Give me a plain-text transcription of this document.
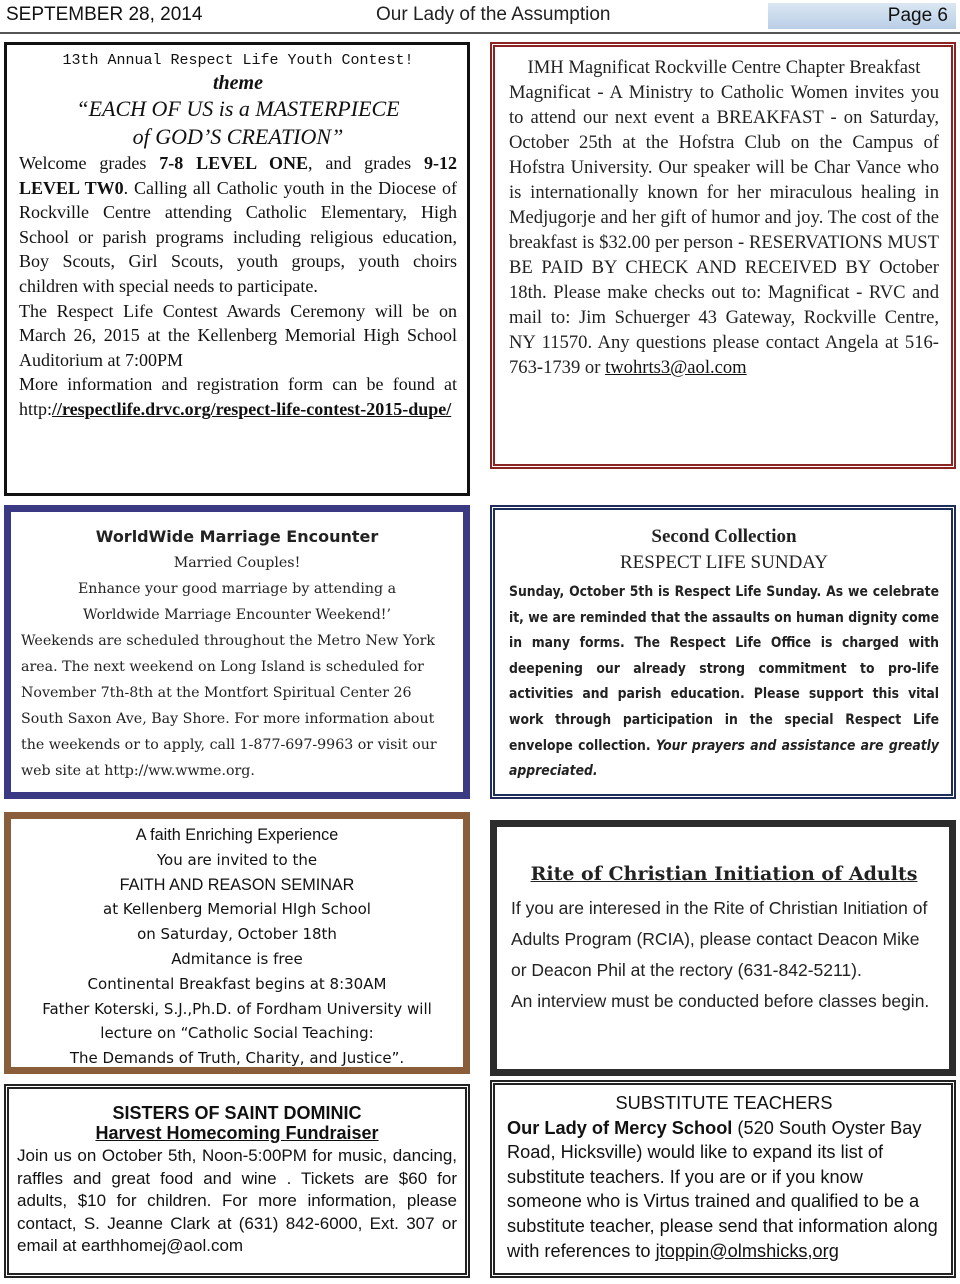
SEPTEMBER 28, 2014	Our Lady of the Assumption	Page 6

13th Annual Respect Life Youth Contest!

theme

“EACH OF US is a MASTERPIECE

of GOD’S CREATION”

Welcome grades 7-8 LEVEL ONE, and grades 9-12 LEVEL TW0. Calling all Catholic youth in the Diocese of Rockville Centre attending Catholic Elementary, High School or parish programs including religious education, Boy Scouts, Girl Scouts, youth groups, youth choirs children with special needs to participate.

The Respect Life Contest Awards Ceremony will be on March 26, 2015 at the Kellenberg Memorial High School Auditorium at 7:00PM

More information and registration form can be found at http://respectlife.drvc.org/respect-life-contest-2015-dupe/

IMH Magnificat Rockville Centre Chapter Breakfast

Magnificat - A Ministry to Catholic Women invites you to attend our next event a BREAKFAST - on Saturday, October 25th at the Hofstra Club on the Campus of Hofstra University. Our speaker will be Char Vance who is internationally known for her miraculous healing in Medjugorje and her gift of humor and joy. The cost of the breakfast is $32.00 per person - RESERVATIONS MUST BE PAID BY CHECK AND RECEIVED BY October 18th. Please make checks out to: Magnificat - RVC and mail to: Jim Schuerger 43 Gateway, Rockville Centre, NY 11570. Any questions please contact Angela at 516-763-1739 or twohrts3@aol.com

WorldWide Marriage Encounter

Married Couples!

Enhance your good marriage by attending a

Worldwide Marriage Encounter Weekend!’

Weekends are scheduled throughout the Metro New York area. The next weekend on Long Island is scheduled for November 7th-8th at the Montfort Spiritual Center 26 South Saxon Ave, Bay Shore. For more information about the weekends or to apply, call 1-877-697-9963 or visit our web site at http://ww.wwme.org.

Second Collection

RESPECT LIFE SUNDAY

Sunday, October 5th is Respect Life Sunday. As we celebrate it, we are reminded that the assaults on human dignity come in many forms. The Respect Life Office is charged with deepening our already strong commitment to pro-life activities and parish education. Please support this vital work through participation in the special Respect Life envelope collection. Your prayers and assistance are greatly appreciated.

A faith Enriching Experience

You are invited to the

FAITH AND REASON SEMINAR

at Kellenberg Memorial HIgh School

on Saturday, October 18th

Admitance is free

Continental Breakfast begins at 8:30AM

Father Koterski, S.J.,Ph.D. of Fordham University will lecture on “Catholic Social Teaching:

The Demands of Truth, Charity, and Justice”.

Rite of Christian Initiation of Adults

If you are interesed in the Rite of Christian Initiation of Adults Program (RCIA), please contact Deacon Mike or Deacon Phil at the rectory (631-842-5211).

An interview must be conducted before classes begin.

SISTERS OF SAINT DOMINIC

Harvest Homecoming Fundraiser

Join us on October 5th, Noon-5:00PM for music, dancing, raffles and great food and wine . Tickets are $60 for adults, $10 for children. For more information, please contact, S. Jeanne Clark at (631) 842-6000, Ext. 307 or email at earthhomej@aol.com

SUBSTITUTE TEACHERS

Our Lady of Mercy School (520 South Oyster Bay Road, Hicksville) would like to expand its list of substitute teachers. If you are or if you know someone who is Virtus trained and qualified to be a substitute teacher, please send that information along with references to jtoppin@olmshicks,org
